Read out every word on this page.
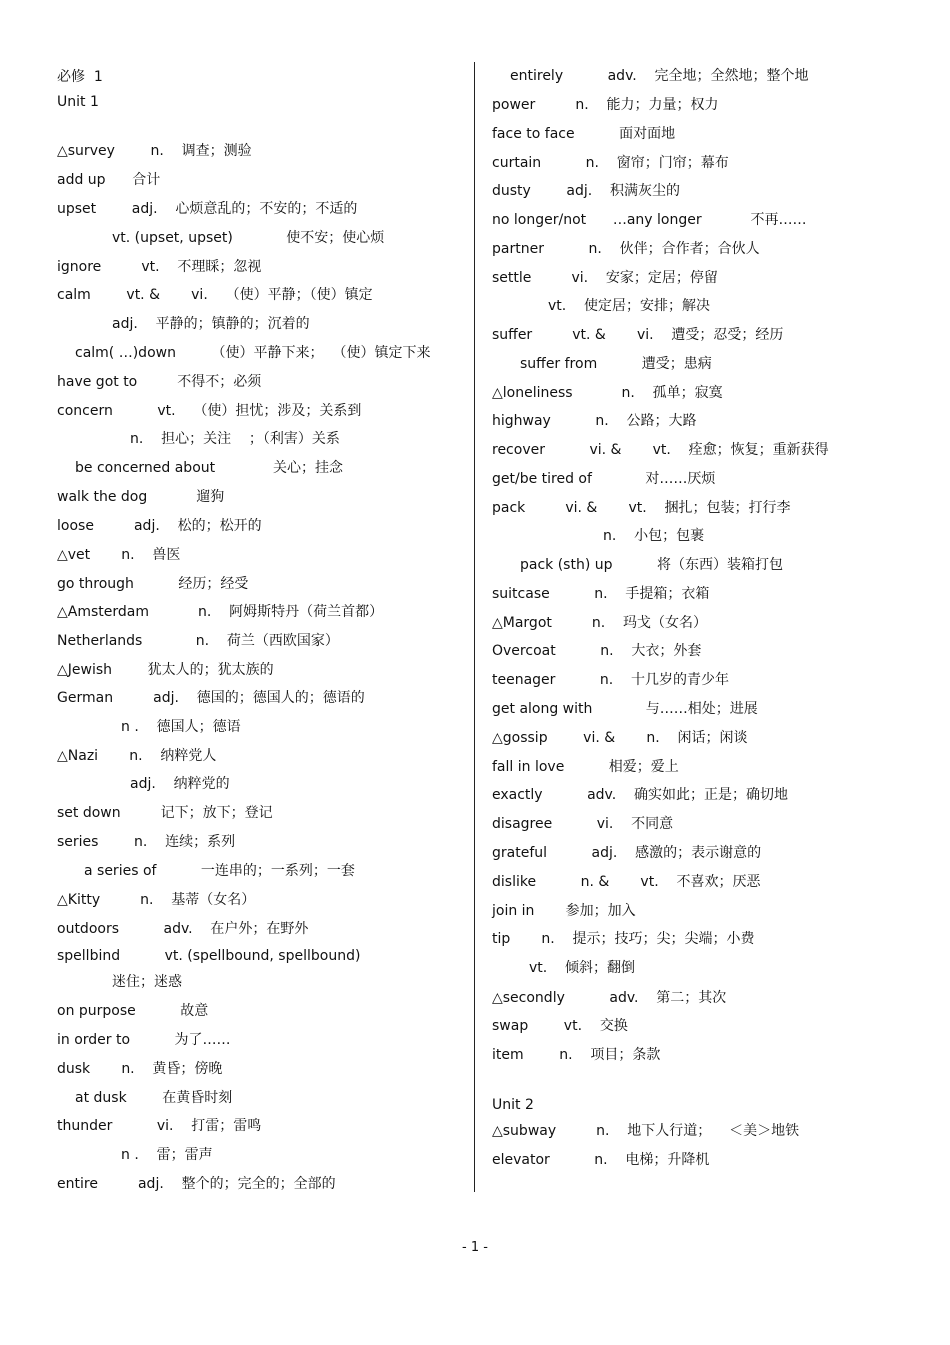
必修  1
Unit 1
△survey        n.    调查；测验
add up      合计
upset        adj.    心烦意乱的；不安的；不适的
vt. (upset, upset)            使不安；使心烦
ignore         vt.    不理睬；忽视
calm        vt. &       vi.    （使）平静；（使）镇定
adj.    平静的；镇静的；沉着的
calm( …)down        （使）平静下来；  （使）镇定下来
have got to         不得不；必须
concern          vt.    （使）担忧；涉及；关系到
n.    担心；关注    ；（利害）关系
be concerned about             关心；挂念
walk the dog           遛狗
loose         adj.    松的；松开的
△vet       n.    兽医
go through          经历；经受
△Amsterdam           n.    阿姆斯特丹（荷兰首都）
Netherlands            n.    荷兰（西欧国家）
△Jewish        犹太人的；犹太族的
German         adj.    德国的；德国人的；德语的
n .    德国人；德语
△Nazi       n.    纳粹党人
adj.    纳粹党的
set down         记下；放下；登记
series        n.    连续；系列
a series of          一连串的；一系列；一套
△Kitty         n.    基蒂（女名）
outdoors          adv.    在户外；在野外
spellbind          vt. (spellbound, spellbound)
迷住；迷惑
on purpose          故意
in order to          为了……
dusk       n.    黄昏；傍晚
at dusk        在黄昏时刻
thunder          vi.    打雷；雷鸣
n .    雷；雷声
entire         adj.    整个的；完全的；全部的
entirely          adv.    完全地；全然地；整个地
power         n.    能力；力量；权力
face to face          面对面地
curtain          n.    窗帘；门帘；幕布
dusty        adj.    积满灰尘的
no longer/not      …any longer           不再……
partner          n.    伙伴；合作者；合伙人
settle         vi.    安家；定居；停留
vt.    使定居；安排；解决
suffer         vt. &       vi.    遭受；忍受；经历
suffer from          遭受；患病
△loneliness           n.    孤单；寂寞
highway          n.    公路；大路
recover          vi. &       vt.    痊愈；恢复；重新获得
get/be tired of            对……厌烦
pack         vi. &       vt.    捆扎；包装；打行李
n.    小包；包裹
pack (sth) up          将（东西）装箱打包
suitcase          n.    手提箱；衣箱
△Margot         n.    玛戈（女名）
Overcoat          n.    大衣；外套
teenager          n.    十几岁的青少年
get along with            与……相处；进展
△gossip        vi. &       n.    闲话；闲谈
fall in love          相爱；爱上
exactly          adv.    确实如此；正是；确切地
disagree          vi.    不同意
grateful          adj.    感激的；表示谢意的
dislike          n. &       vt.    不喜欢；厌恶
join in       参加；加入
tip       n.    提示；技巧；尖；尖端；小费
vt.    倾斜；翻倒
△secondly          adv.    第二；其次
swap        vt.    交换
item        n.    项目；条款
Unit 2
△subway         n.    地下人行道；    ＜美＞地铁
elevator          n.    电梯；升降机
- 1 -
